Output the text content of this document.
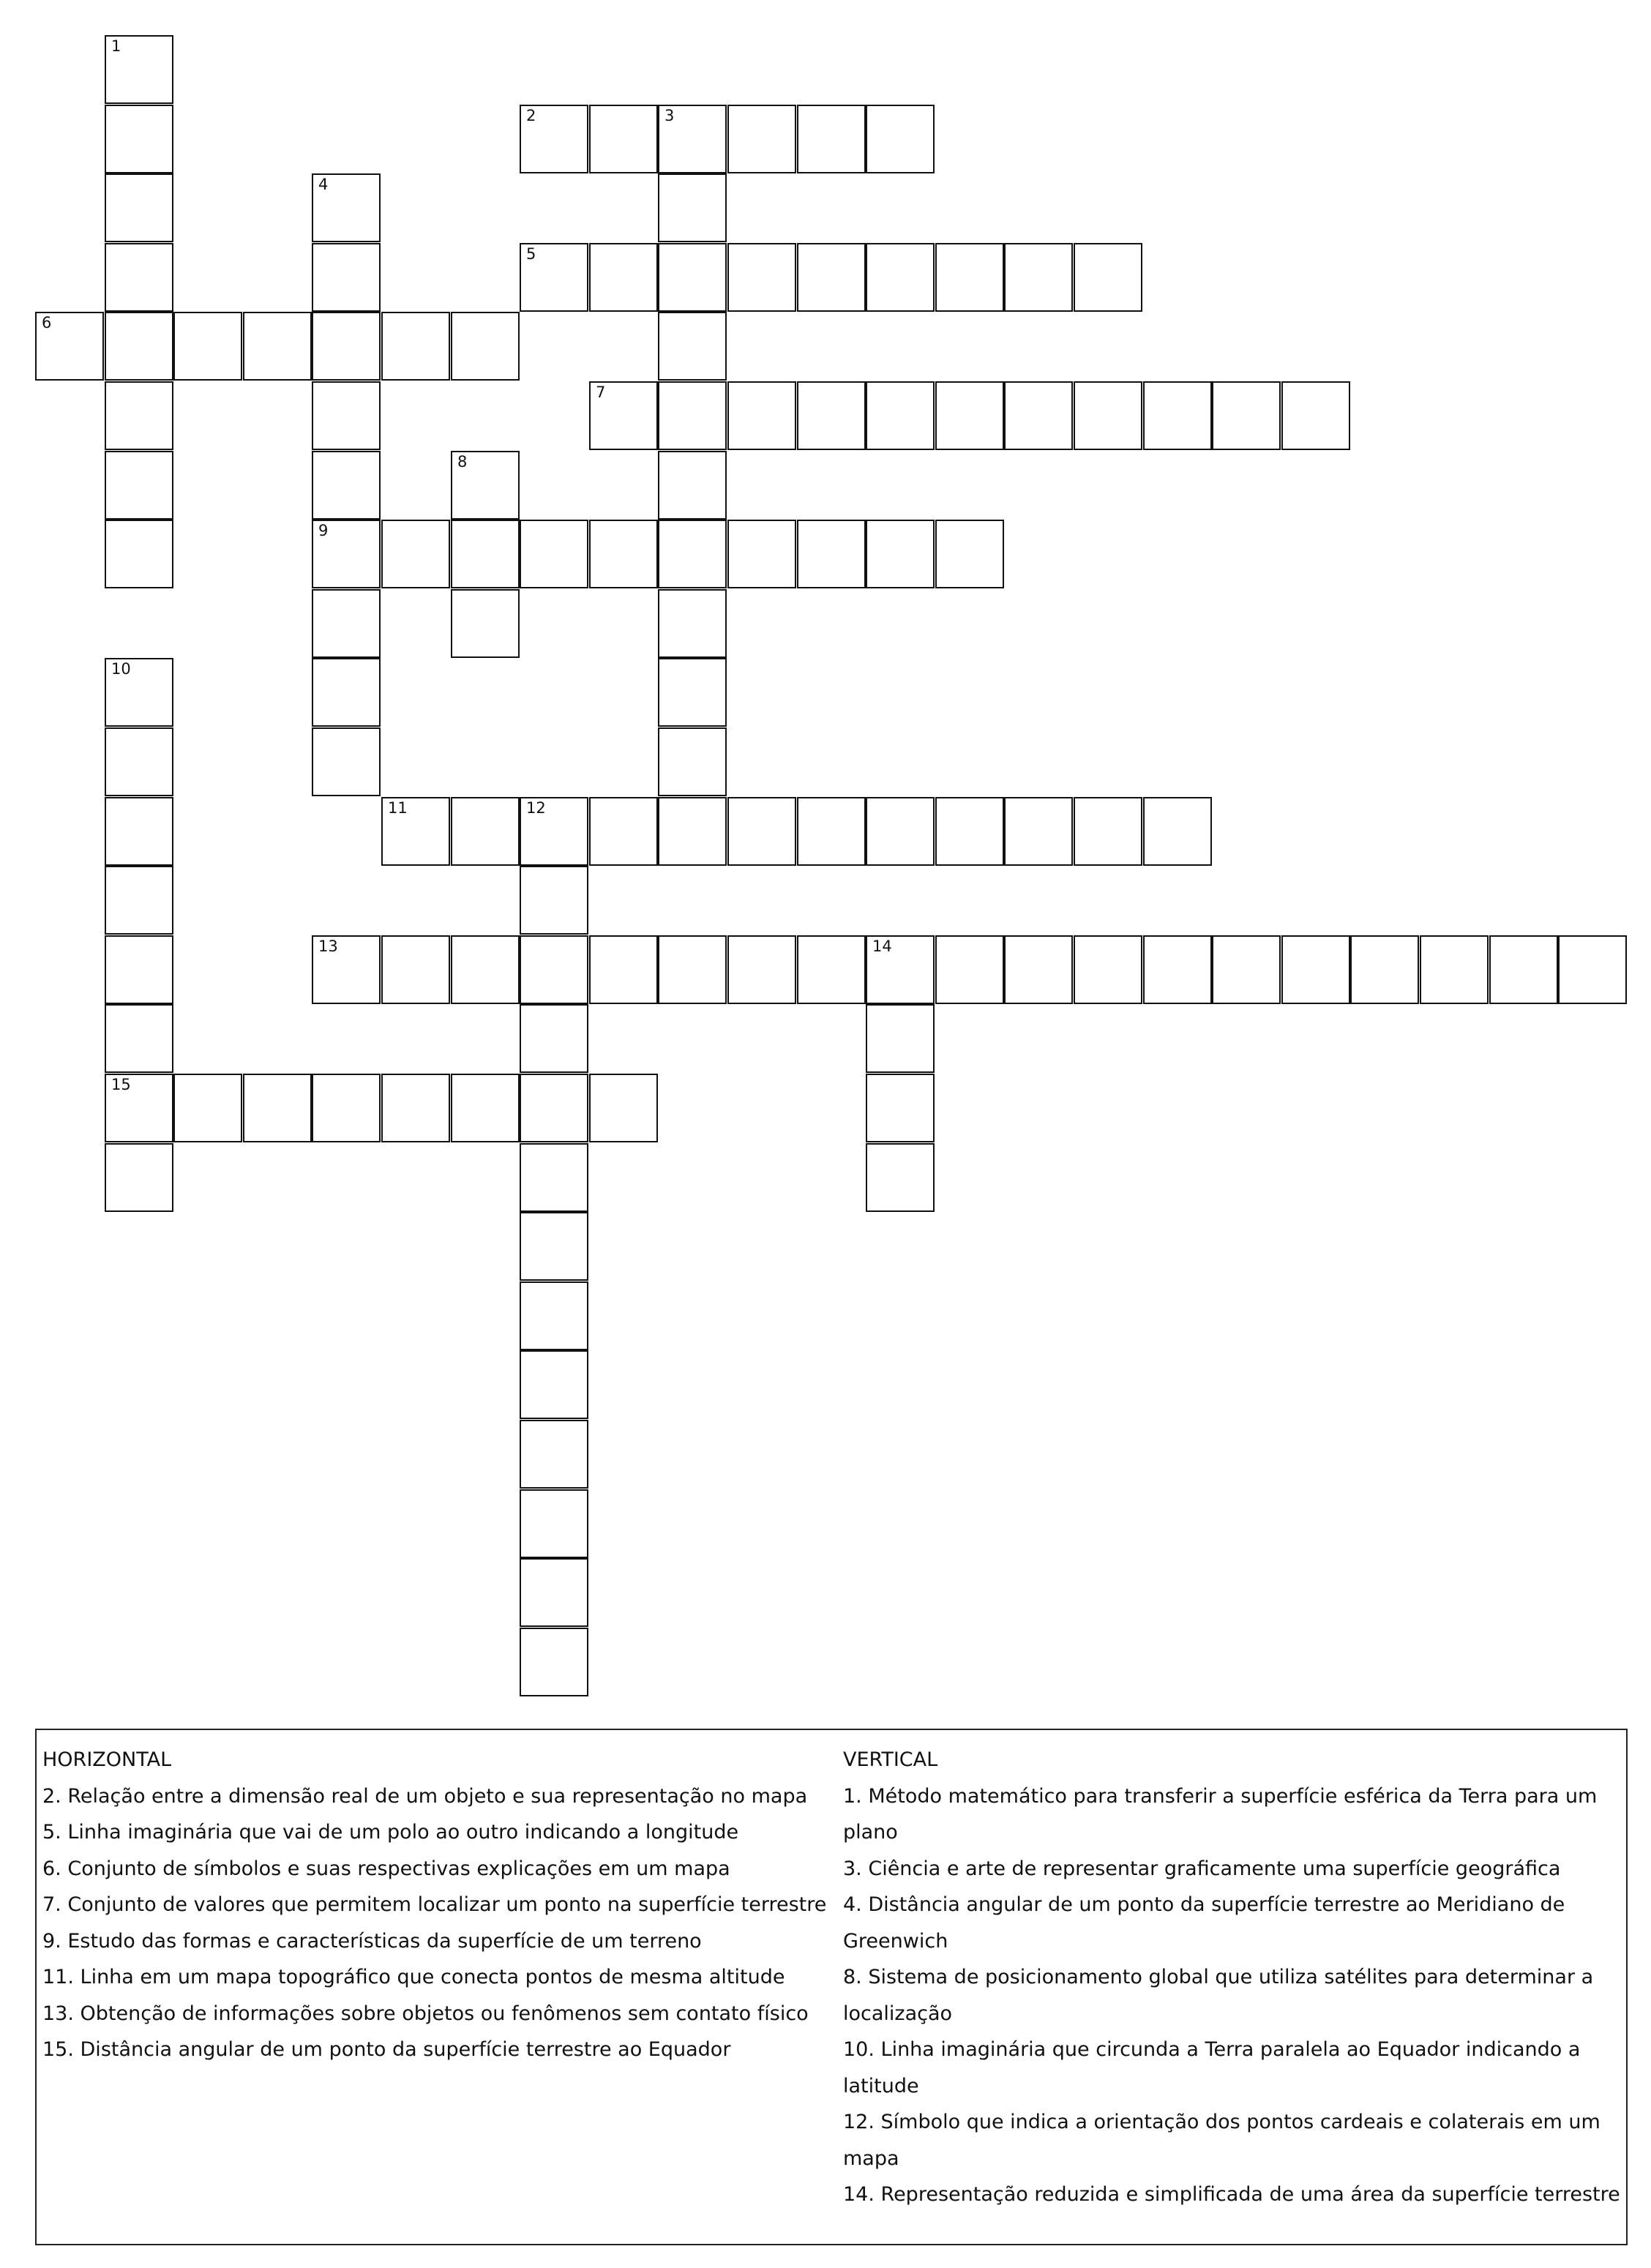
1
2	3
4
9
5
6
7
8
10
15
11	12
13	14
HORIZONTAL
2. Relação entre a dimensão real de um objeto e sua representação no mapa
5. Linha imaginária que vai de um polo ao outro indicando a longitude
6. Conjunto de símbolos e suas respectivas explicações em um mapa
7. Conjunto de valores que permitem localizar um ponto na superfície terrestre
9. Estudo das formas e características da superfície de um terreno
11. Linha em um mapa topográfico que conecta pontos de mesma altitude
13. Obtenção de informações sobre objetos ou fenômenos sem contato físico
15. Distância angular de um ponto da superfície terrestre ao Equador
VERTICAL
1. Método matemático para transferir a superfície esférica da Terra para um
plano
3. Ciência e arte de representar graficamente uma superfície geográfica
4. Distância angular de um ponto da superfície terrestre ao Meridiano de
Greenwich
8. Sistema de posicionamento global que utiliza satélites para determinar a
localização
10. Linha imaginária que circunda a Terra paralela ao Equador indicando a
latitude
12. Símbolo que indica a orientação dos pontos cardeais e colaterais em um
mapa
14. Representação reduzida e simplificada de uma área da superfície terrestre
